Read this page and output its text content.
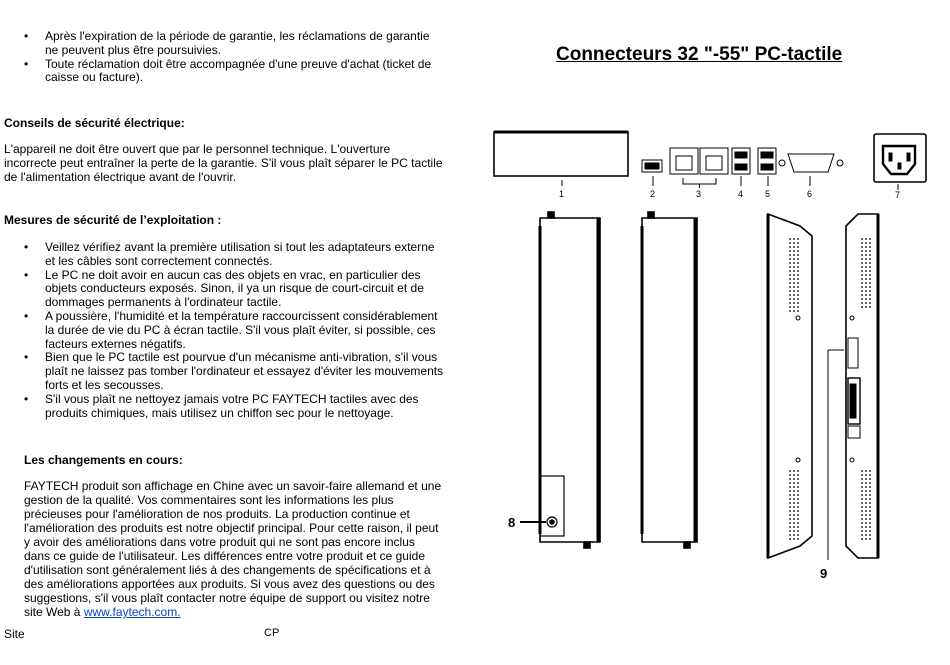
• Après l'expiration de la période de garantie, les réclamations de garantie ne peuvent plus être poursuivies.
• Toute réclamation doit être accompagnée d'une preuve d'achat (ticket de caisse ou facture).
Conseils de sécurité électrique:
L'appareil ne doit être ouvert que par le personnel technique. L'ouverture incorrecte peut entraîner la perte de la garantie. S'il vous plaît séparer le PC tactile de l'alimentation électrique avant de l'ouvrir.
Mesures de sécurité de l’exploitation :
• Veillez vérifiez avant la première utilisation si tout les adaptateurs externe et les câbles sont correctement connectés.
• Le PC ne doit avoir en aucun cas des objets en vrac, en particulier des objets conducteurs exposés. Sinon, il ya un risque de court-circuit et de dommages permanents à l'ordinateur tactile.
• A poussière, l'humidité et la température raccourcissent considérablement la durée de vie du PC à écran tactile. S'il vous plaît éviter, si possible, ces facteurs externes négatifs.
• Bien que le PC tactile est pourvue d'un mécanisme anti-vibration, s'il vous plaît ne laissez pas tomber l'ordinateur et essayez d'éviter les mouvements forts et les secousses.
• S'il vous plaît ne nettoyez jamais votre PC FAYTECH tactiles avec des produits chimiques, mais utilisez un chiffon sec pour le nettoyage.
Les changements en cours:
FAYTECH produit son affichage en Chine avec un savoir-faire allemand et une gestion de la qualité. Vos commentaires sont les informations les plus précieuses pour l'amélioration de nos produits. La production continue et l'amélioration des produits est notre objectif principal. Pour cette raison, il peut y avoir des améliorations dans votre produit qui ne sont pas encore inclus dans ce guide de l'utilisateur. Les différences entre votre produit et ce guide d'utilisation sont généralement liés à des changements de spécifications et à des améliorations apportées aux produits. Si vous avez des questions ou des suggestions, s'il vous plaît contacter notre équipe de support ou visitez notre site Web à www.faytech.com.
Site	CP
Connecteurs 32 "-55" PC-tactile
1	2	3	4 5	6	7
8
9
